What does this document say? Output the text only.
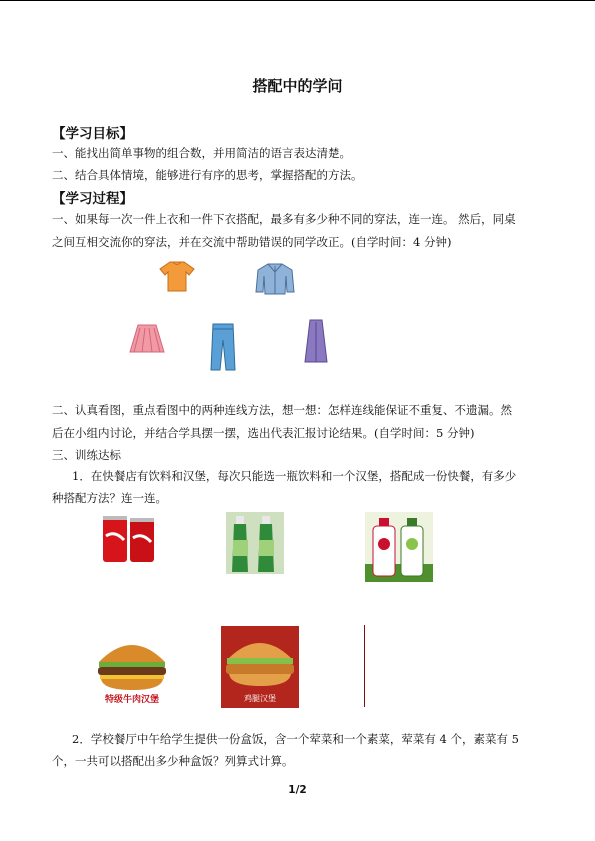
搭配中的学问
【学习目标】
一、能找出简单事物的组合数，并用简洁的语言表达清楚。
二、结合具体情境，能够进行有序的思考，掌握搭配的方法。
【学习过程】
一、如果每一次一件上衣和一件下衣搭配，最多有多少种不同的穿法，连一连。 然后，同桌
之间互相交流你的穿法，并在交流中帮助错误的同学改正。(自学时间：4 分钟)
二、认真看图，重点看图中的两种连线方法，想一想：怎样连线能保证不重复、不遗漏。然
后在小组内讨论，并结合学具摆一摆，选出代表汇报讨论结果。(自学时间：5 分钟)
三、训练达标
1．在快餐店有饮料和汉堡，每次只能选一瓶饮料和一个汉堡，搭配成一份快餐，有多少
种搭配方法？连一连。
特级牛肉汉堡	鸡腿汉堡
2．学校餐厅中午给学生提供一份盒饭，含一个荤菜和一个素菜，荤菜有 4 个，素菜有 5
个，一共可以搭配出多少种盒饭？列算式计算。
1/2
